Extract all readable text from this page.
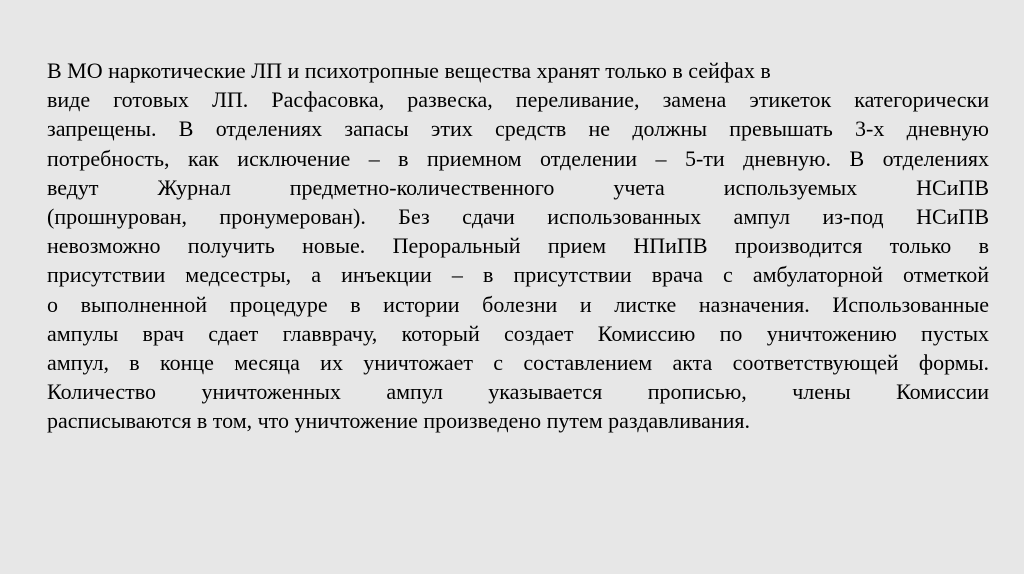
В МО наркотические ЛП и психотропные вещества хранят только в сейфах в
виде готовых ЛП. Расфасовка, развеска, переливание, замена этикеток категорически
запрещены. В отделениях запасы этих средств не должны превышать 3-х дневную
потребность, как исключение – в приемном отделении – 5-ти дневную. В отделениях
ведут Журнал предметно-количественного учета используемых НСиПВ
(прошнурован, пронумерован). Без сдачи использованных ампул из-под НСиПВ
невозможно получить новые. Пероральный прием НПиПВ производится только в
присутствии медсестры, а инъекции – в присутствии врача с амбулаторной отметкой
о выполненной процедуре в истории болезни и листке назначения. Использованные
ампулы врач сдает главврачу, который создает Комиссию по уничтожению пустых
ампул, в конце месяца их уничтожает с составлением акта соответствующей формы.
Количество уничтоженных ампул указывается прописью, члены Комиссии
расписываются в том, что уничтожение произведено путем раздавливания.
